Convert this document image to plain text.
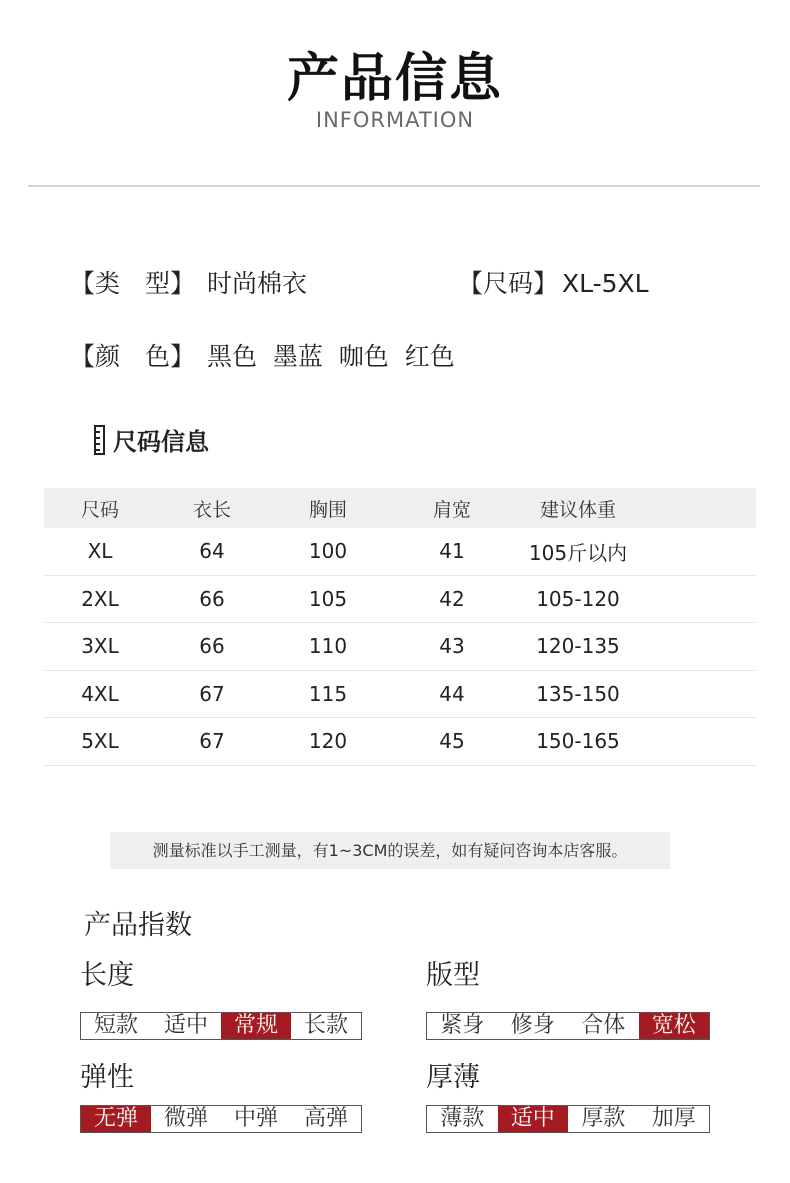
产品信息
INFORMATION
【类　型】 时尚棉衣	【尺码】 XL-5XL
【颜　色】 黑色  墨蓝  咖色  红色
尺码信息
尺码	衣长	胸围	肩宽	建议体重
XL	64	100	41	105斤以内
2XL	66	105	42	105-120
3XL	66	110	43	120-135
4XL	67	115	44	135-150
5XL	67	120	45	150-165
测量标准以手工测量，有1~3CM的误差，如有疑问咨询本店客服。
产品指数
长度	版型
弹性	厚薄
短款	适中	常规	长款	紧身	修身	合体	宽松
无弹	微弹	中弹	高弹	薄款	适中	厚款	加厚
